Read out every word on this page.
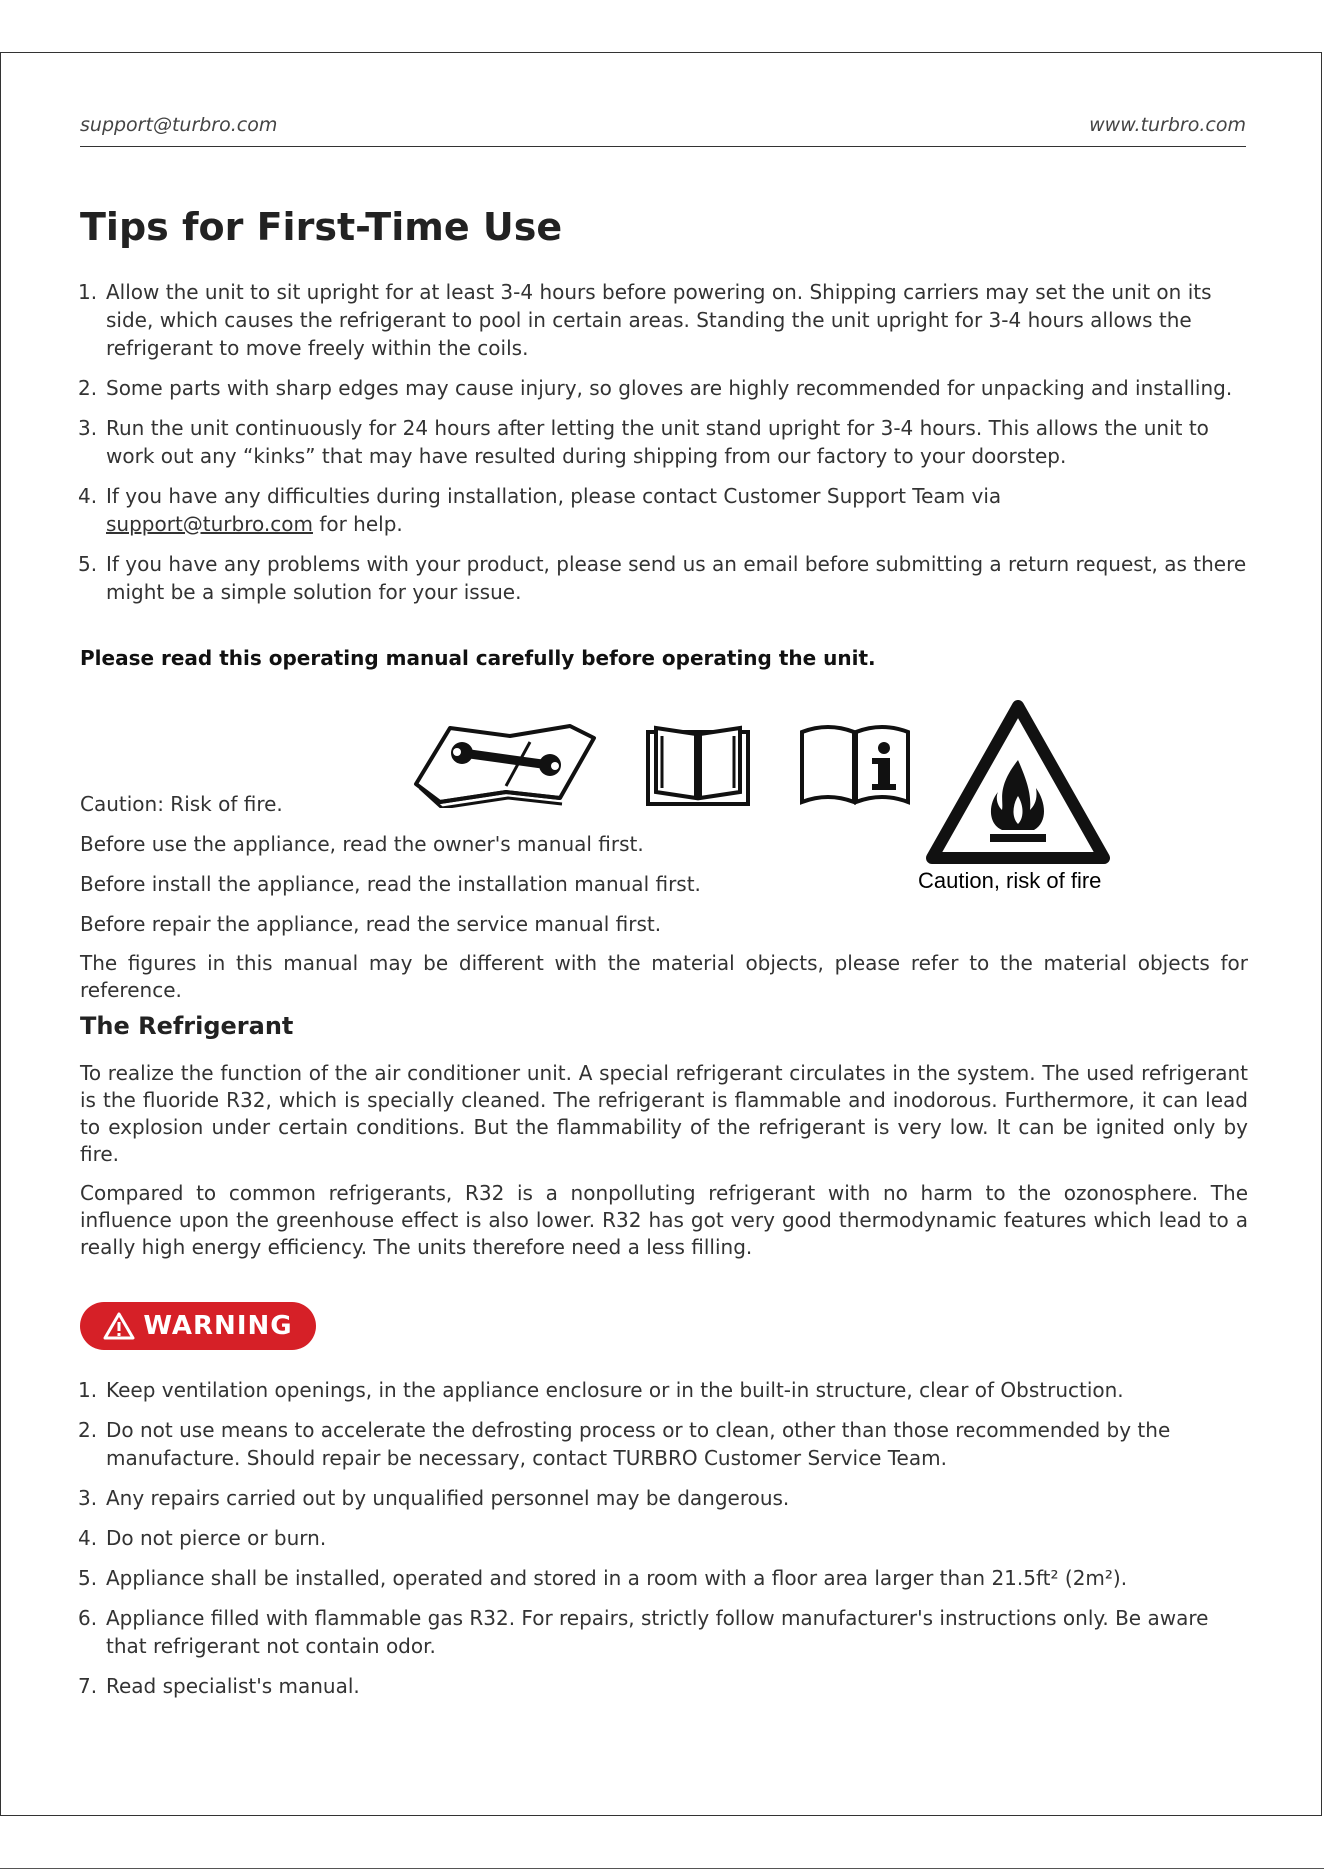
support@turbro.com	www.turbro.com
Tips for First-Time Use
1. Allow the unit to sit upright for at least 3-4 hours before powering on. Shipping carriers may set the unit on its side, which causes the refrigerant to pool in certain areas. Standing the unit upright for 3-4 hours allows the refrigerant to move freely within the coils.
2. Some parts with sharp edges may cause injury, so gloves are highly recommended for unpacking and installing.
3. Run the unit continuously for 24 hours after letting the unit stand upright for 3-4 hours. This allows the unit to work out any “kinks” that may have resulted during shipping from our factory to your doorstep.
4. If you have any difficulties during installation, please contact Customer Support Team via
support@turbro.com for help.
5. If you have any problems with your product, please send us an email before submitting a return request, as there might be a simple solution for your issue.
Please read this operating manual carefully before operating the unit.
Caution, risk of fire
Caution: Risk of fire.
Before use the appliance, read the owner's manual first.
Before install the appliance, read the installation manual first.
Before repair the appliance, read the service manual first.
The figures in this manual may be different with the material objects, please refer to the material objects for reference.
The Refrigerant
To realize the function of the air conditioner unit. A special refrigerant circulates in the system. The used refrigerant is the fluoride R32, which is specially cleaned. The refrigerant is flammable and inodorous. Furthermore, it can lead to explosion under certain conditions. But the flammability of the refrigerant is very low. It can be ignited only by fire.
Compared to common refrigerants, R32 is a nonpolluting refrigerant with no harm to the ozonosphere. The influence upon the greenhouse effect is also lower. R32 has got very good thermodynamic features which lead to a really high energy efficiency. The units therefore need a less filling.
WARNING
1. Keep ventilation openings, in the appliance enclosure or in the built-in structure, clear of Obstruction.
2. Do not use means to accelerate the defrosting process or to clean, other than those recommended by the manufacture. Should repair be necessary, contact TURBRO Customer Service Team.
3. Any repairs carried out by unqualified personnel may be dangerous.
4. Do not pierce or burn.
5. Appliance shall be installed, operated and stored in a room with a floor area larger than 21.5ft² (2m²).
6. Appliance filled with flammable gas R32. For repairs, strictly follow manufacturer's instructions only. Be aware that refrigerant not contain odor.
7. Read specialist's manual.
